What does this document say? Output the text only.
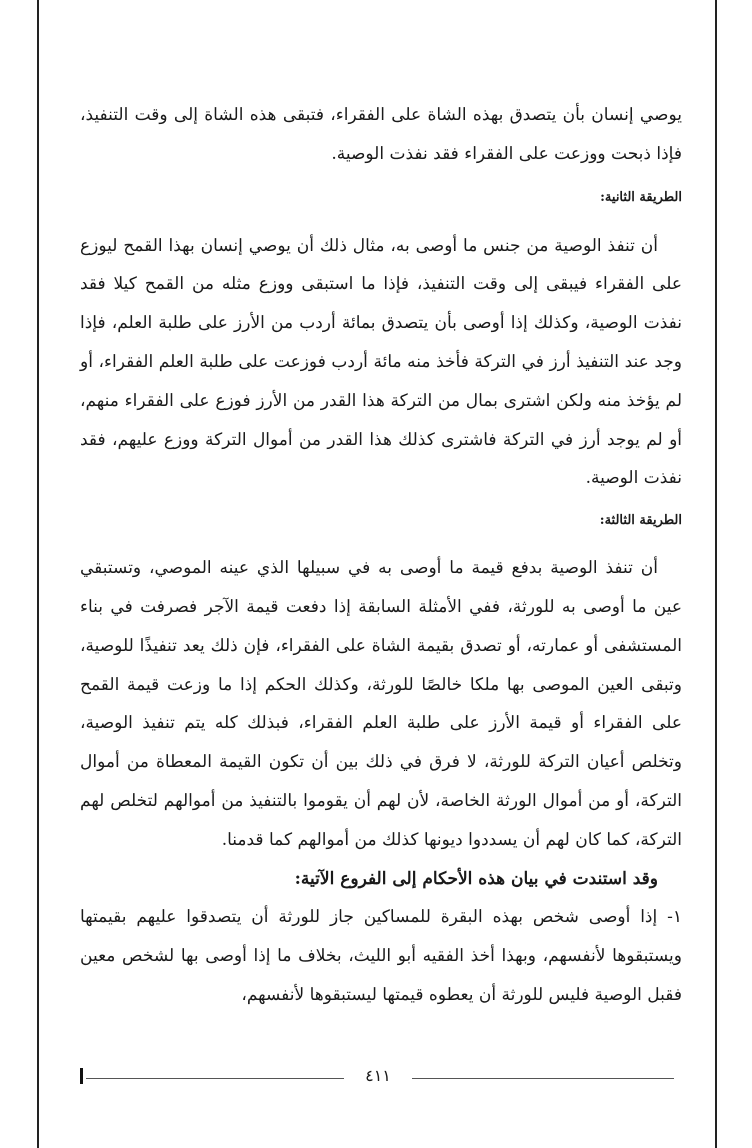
يوصي إنسان بأن يتصدق بهذه الشاة على الفقراء، فتبقى هذه الشاة إلى وقت التنفيذ، فإذا ذبحت ووزعت على الفقراء فقد نفذت الوصية.

الطريقة الثانية:

أن تنفذ الوصية من جنس ما أوصى به، مثال ذلك أن يوصي إنسان بهذا القمح ليوزع على الفقراء فيبقى إلى وقت التنفيذ، فإذا ما استبقى ووزع مثله من القمح كيلا فقد نفذت الوصية، وكذلك إذا أوصى بأن يتصدق بمائة أردب من الأرز على طلبة العلم، فإذا وجد عند التنفيذ أرز في التركة فأخذ منه مائة أردب فوزعت على طلبة العلم الفقراء، أو لم يؤخذ منه ولكن اشترى بمال من التركة هذا القدر من الأرز فوزع على الفقراء منهم، أو لم يوجد أرز في التركة فاشترى كذلك هذا القدر من أموال التركة ووزع عليهم، فقد نفذت الوصية.

الطريقة الثالثة:

أن تنفذ الوصية بدفع قيمة ما أوصى به في سبيلها الذي عينه الموصي، وتستبقي عين ما أوصى به للورثة، ففي الأمثلة السابقة إذا دفعت قيمة الآجر فصرفت في بناء المستشفى أو عمارته، أو تصدق بقيمة الشاة على الفقراء، فإن ذلك يعد تنفيذًا للوصية، وتبقى العين الموصى بها ملكا خالصًا للورثة، وكذلك الحكم إذا ما وزعت قيمة القمح على الفقراء أو قيمة الأرز على طلبة العلم الفقراء، فبذلك كله يتم تنفيذ الوصية، وتخلص أعيان التركة للورثة، لا فرق في ذلك بين أن تكون القيمة المعطاة من أموال التركة، أو من أموال الورثة الخاصة، لأن لهم أن يقوموا بالتنفيذ من أموالهم لتخلص لهم التركة، كما كان لهم أن يسددوا ديونها كذلك من أموالهم كما قدمنا.

وقد استندت في بيان هذه الأحكام إلى الفروع الآتية:

١- إذا أوصى شخص بهذه البقرة للمساكين جاز للورثة أن يتصدقوا عليهم بقيمتها ويستبقوها لأنفسهم، وبهذا أخذ الفقيه أبو الليث، بخلاف ما إذا أوصى بها لشخص معين فقبل الوصية فليس للورثة أن يعطوه قيمتها ليستبقوها لأنفسهم،

٤١١
